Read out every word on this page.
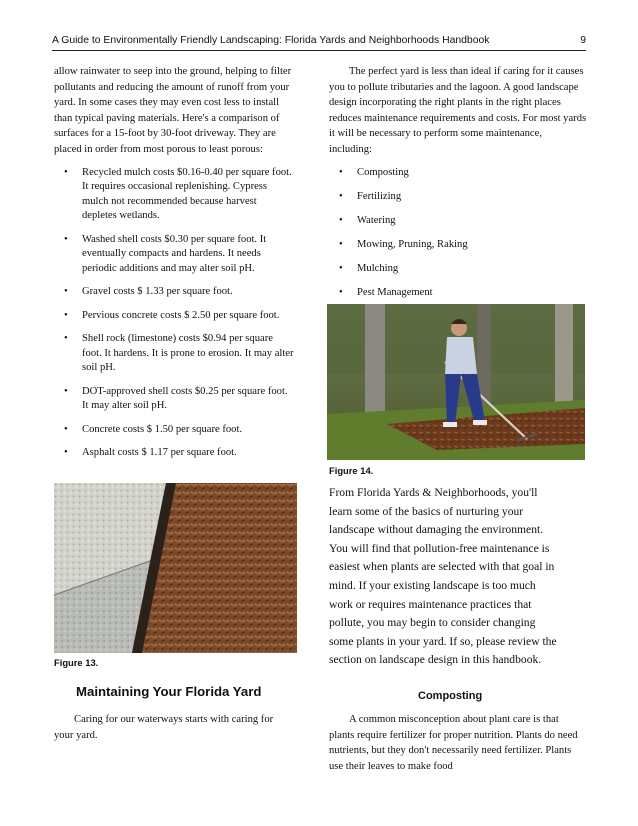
A Guide to Environmentally Friendly Landscaping: Florida Yards and Neighborhoods Handbook	9

allow rainwater to seep into the ground, helping to filter pollutants and reducing the amount of runoff from your yard. In some cases they may even cost less to install than typical paving materials. Here's a comparison of surfaces for a 15-foot by 30-foot driveway. They are placed in order from most porous to least porous:

• Recycled mulch costs $0.16-0.40 per square foot. It requires occasional replenishing. Cypress mulch not recommended because harvest depletes wetlands.
• Washed shell costs $0.30 per square foot. It eventually compacts and hardens. It needs periodic additions and may alter soil pH.
• Gravel costs $ 1.33 per square foot.
• Pervious concrete costs $ 2.50 per square foot.
• Shell rock (limestone) costs $0.94 per square foot. It hardens. It is prone to erosion. It may alter soil pH.
• DOT-approved shell costs $0.25 per square foot. It may alter soil pH.
• Concrete costs $ 1.50 per square foot.
• Asphalt costs $ 1.17 per square foot.
Figure 13.
Maintaining Your Florida Yard

Caring for our waterways starts with caring for your yard.

The perfect yard is less than ideal if caring for it causes you to pollute tributaries and the lagoon. A good landscape design incorporating the right plants in the right places reduces maintenance requirements and costs. For most yards it will be necessary to perform some maintenance, including:

• Composting
• Fertilizing
• Watering
• Mowing, Pruning, Raking
• Mulching
• Pest Management
Figure 14.

From Florida Yards & Neighborhoods, you'll learn some of the basics of nurturing your landscape without damaging the environment. You will find that pollution-free maintenance is easiest when plants are selected with that goal in mind. If your existing landscape is too much work or requires maintenance practices that pollute, you may begin to consider changing some plants in your yard. If so, please review the section on landscape design in this handbook.

Composting

A common misconception about plant care is that plants require fertilizer for proper nutrition. Plants do need nutrients, but they don't necessarily need fertilizer. Plants use their leaves to make food
